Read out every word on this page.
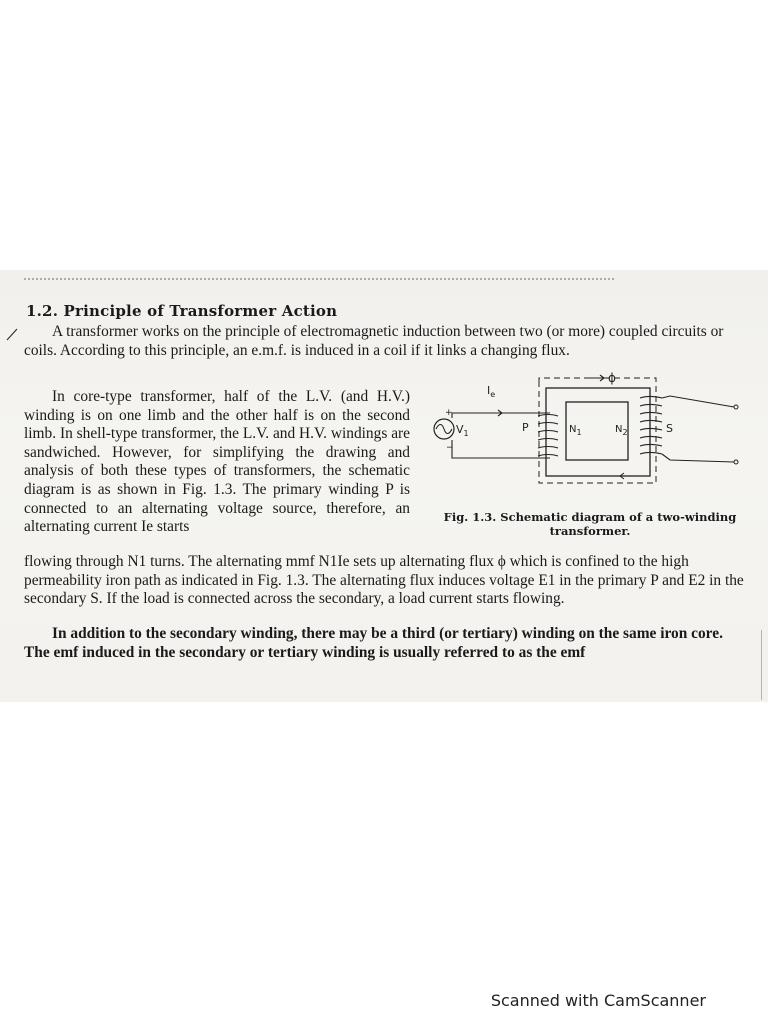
1.2. Principle of Transformer Action

A transformer works on the principle of electromagnetic induction between two (or more) coupled circuits or coils. According to this principle, an e.m.f. is induced in a coil if it links a changing flux.

In core-type transformer, half of the L.V. (and H.V.) winding is on one limb and the other half is on the second limb. In shell-type transformer, the L.V. and H.V. windings are sandwiched. However, for simplifying the drawing and analysis of both these types of transformers, the schematic diagram is as shown in Fig. 1.3. The primary winding P is connected to an alternating voltage source, therefore, an alternating current Ie starts

$I_e$
+
−
$V_1$
ϕ
P	$N_1$	$N_2$	S
Fig. 1.3. Schematic diagram of a two-winding transformer.

flowing through N1 turns. The alternating mmf N1Ie sets up alternating flux ϕ which is confined to the high permeability iron path as indicated in Fig. 1.3. The alternating flux induces voltage E1 in the primary P and E2 in the secondary S. If the load is connected across the secondary, a load current starts flowing.

In addition to the secondary winding, there may be a third (or tertiary) winding on the same iron core. The emf induced in the secondary or tertiary winding is usually referred to as the emf

Scanned with CamScanner
